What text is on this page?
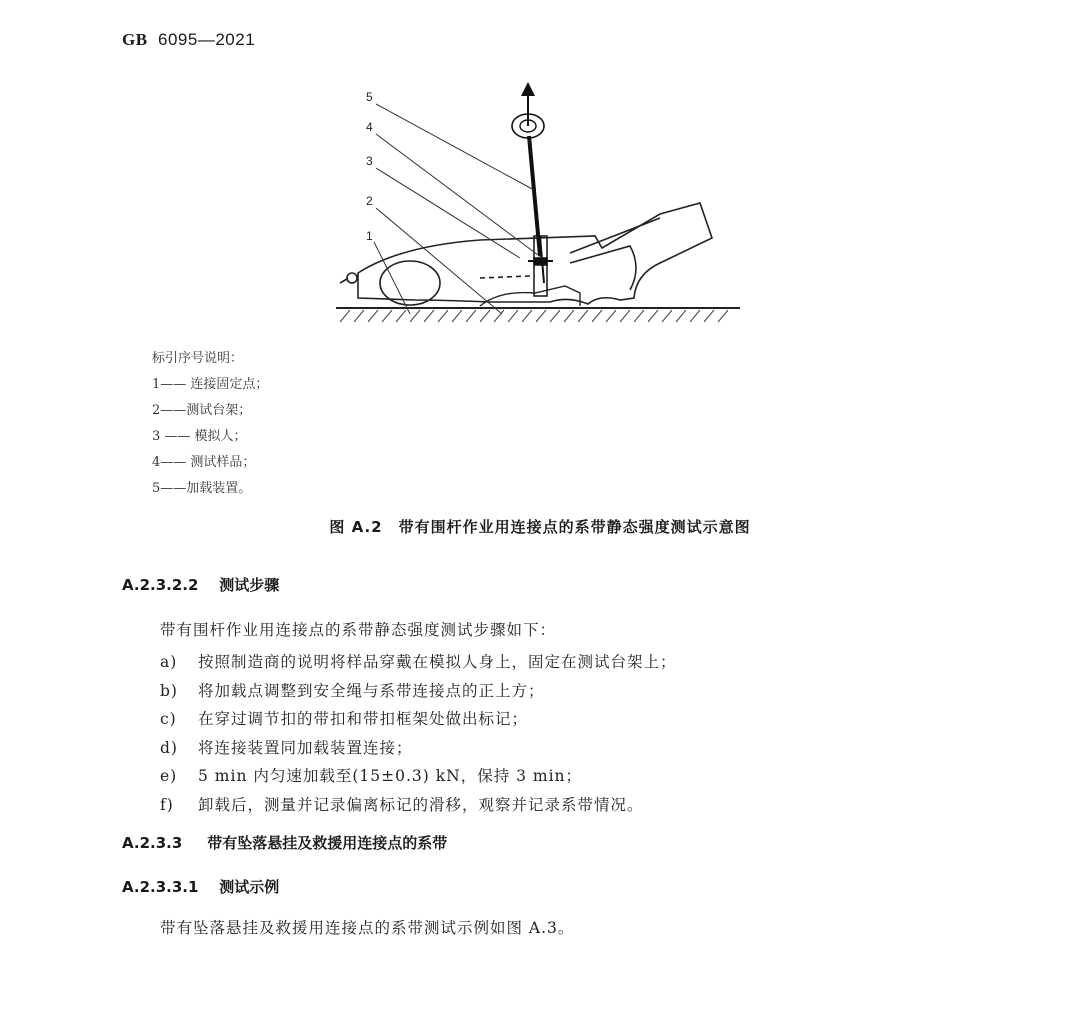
GB 6095—2021
1
2
3
4
5
标引序号说明：
1—— 连接固定点；
2——测试台架；
3 —— 模拟人；
4—— 测试样品；
5——加载装置。
图 A.2　带有围杆作业用连接点的系带静态强度测试示意图
A.2.3.2.2 测试步骤
带有围杆作业用连接点的系带静态强度测试步骤如下：
a) 按照制造商的说明将样品穿戴在模拟人身上，固定在测试台架上；
b) 将加载点调整到安全绳与系带连接点的正上方；
c) 在穿过调节扣的带扣和带扣框架处做出标记；
d) 将连接装置同加载装置连接；
e) 5 min 内匀速加载至(15±0.3) kN，保持 3 min；
f) 卸载后，测量并记录偏离标记的滑移，观察并记录系带情况。
A.2.3.3 带有坠落悬挂及救援用连接点的系带
A.2.3.3.1 测试示例
带有坠落悬挂及救援用连接点的系带测试示例如图 A.3。
